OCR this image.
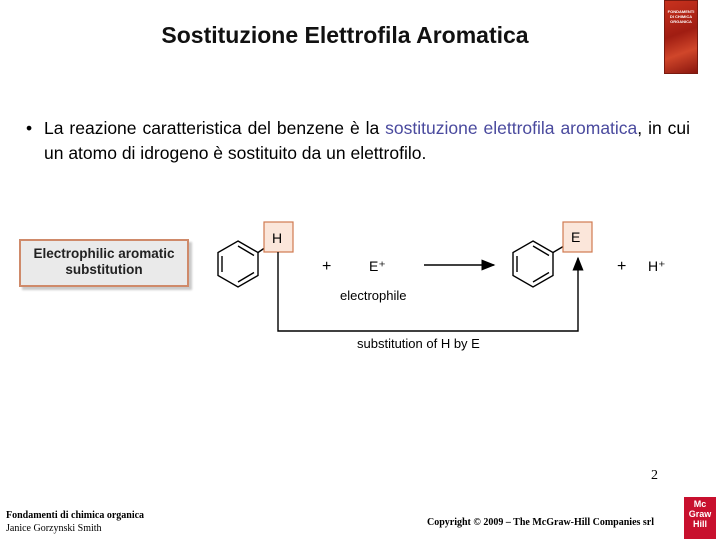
Sostituzione Elettrofila Aromatica
FONDAMENTI DI CHIMICA ORGANICA
• La reazione caratteristica del benzene è la sostituzione elettrofila aromatica, in cui un atomo di idrogeno è sostituito da un elettrofilo.
Electrophilic aromatic
substitution
H
+	E⁺
electrophile
E
+ H⁺
substitution of H by E
2
Fondamenti di chimica organica
Janice Gorzynski Smith
Copyright © 2009 – The McGraw-Hill Companies srl
Mc
Graw
Hill
